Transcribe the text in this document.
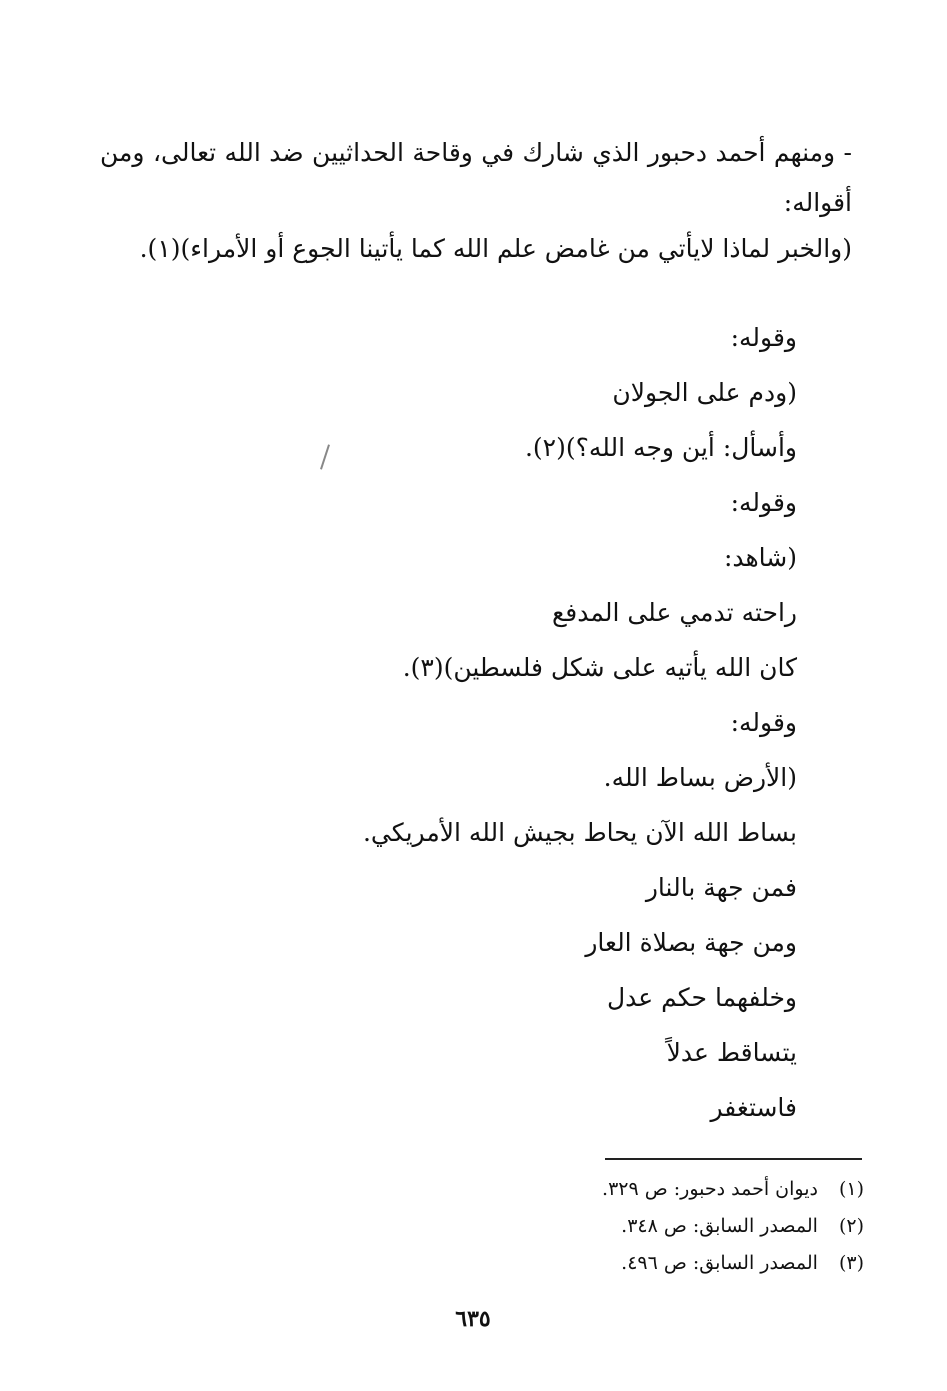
- ومنهم أحمد دحبور الذي شارك في وقاحة الحداثيين ضد الله تعالى، ومن أقواله:

(والخبر لماذا لايأتي من غامض علم الله كما يأتينا الجوع أو الأمراء)(١).

وقوله:
(ودم على الجولان
وأسأل: أين وجه الله؟)(٢).
وقوله:
(شاهد:
راحته تدمي على المدفع
كان الله يأتيه على شكل فلسطين)(٣).
وقوله:
(الأرض بساط الله.
بساط الله الآن يحاط بجيش الله الأمريكي.
فمن جهة بالنار
ومن جهة بصلاة العار
وخلفهما حكم عدل
يتساقط عدلاً
فاستغفر
(١) ديوان أحمد دحبور: ص ٣٢٩.
(٢) المصدر السابق: ص ٣٤٨.
(٣) المصدر السابق: ص ٤٩٦.
٦٣٥
